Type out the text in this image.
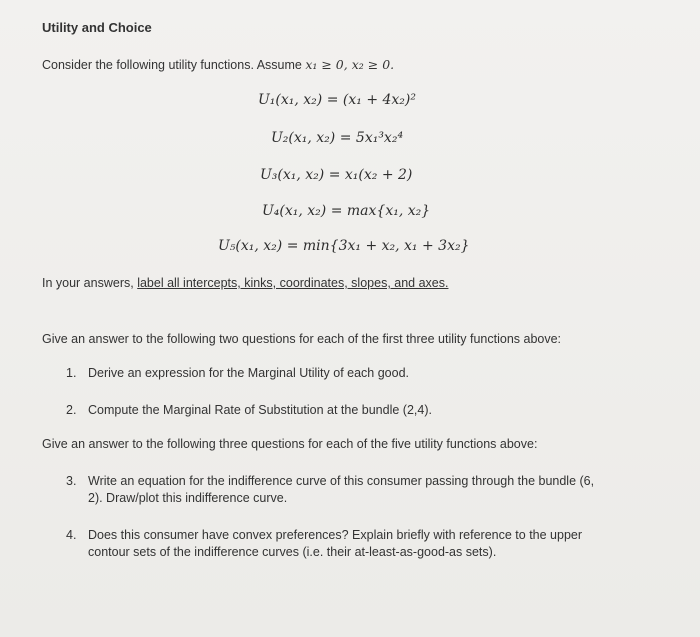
Utility and Choice
Consider the following utility functions. Assume x₁ ≥ 0, x₂ ≥ 0.
U₁(x₁, x₂) = (x₁ + 4x₂)²
U₂(x₁, x₂) = 5x₁³x₂⁴
U₃(x₁, x₂) = x₁(x₂ + 2)
U₄(x₁, x₂) = max{x₁, x₂}
U₅(x₁, x₂) = min{3x₁ + x₂, x₁ + 3x₂}
In your answers, label all intercepts, kinks, coordinates, slopes, and axes.
Give an answer to the following two questions for each of the first three utility functions above:
1. Derive an expression for the Marginal Utility of each good.
2. Compute the Marginal Rate of Substitution at the bundle (2,4).
Give an answer to the following three questions for each of the five utility functions above:
3. Write an equation for the indifference curve of this consumer passing through the bundle (6, 2). Draw/plot this indifference curve.
4. Does this consumer have convex preferences? Explain briefly with reference to the upper contour sets of the indifference curves (i.e. their at-least-as-good-as sets).
